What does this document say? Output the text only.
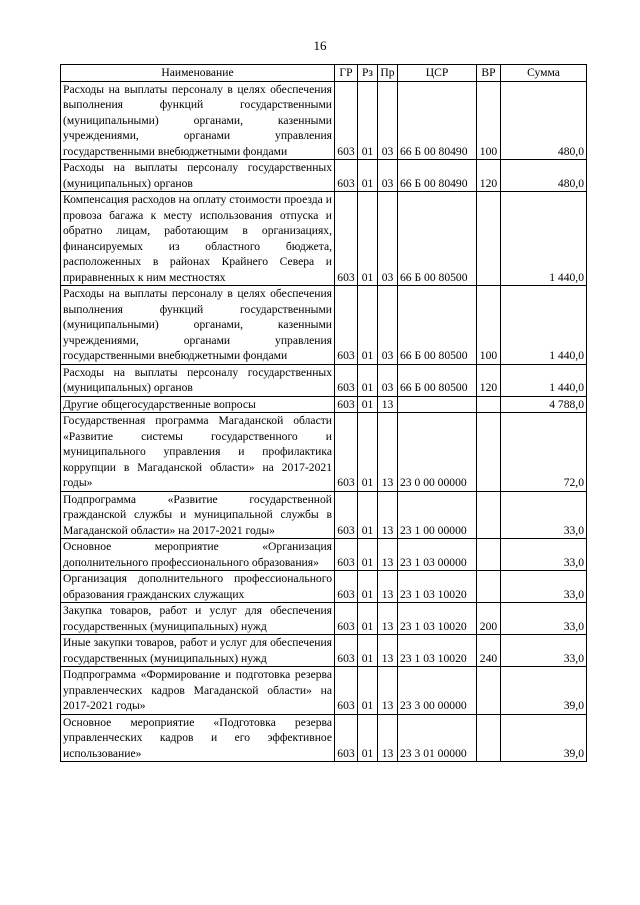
16
Наименование	ГР	Рз	Пр	ЦСР	ВР	Сумма
Расходы на выплаты персоналу в целях обеспечения выполнения функций государственными (муниципальными) органами, казенными учреждениями, органами управления государственными внебюджетными фондами	603	01	03	66 Б 00 80490	100	480,0
Расходы на выплаты персоналу государственных (муниципальных) органов	603	01	03	66 Б 00 80490	120	480,0
Компенсация расходов на оплату стоимости проезда и провоза багажа к месту использования отпуска и обратно лицам, работающим в организациях, финансируемых из областного бюджета, расположенных в районах Крайнего Севера и приравненных к ним местностях	603	01	03	66 Б 00 80500		1 440,0
Расходы на выплаты персоналу в целях обеспечения выполнения функций государственными (муниципальными) органами, казенными учреждениями, органами управления государственными внебюджетными фондами	603	01	03	66 Б 00 80500	100	1 440,0
Расходы на выплаты персоналу государственных (муниципальных) органов	603	01	03	66 Б 00 80500	120	1 440,0
Другие общегосударственные вопросы	603	01	13			4 788,0
Государственная программа Магаданской области «Развитие системы государственного и муниципального управления и профилактика коррупции в Магаданской области» на 2017-2021 годы»	603	01	13	23 0 00 00000		72,0
Подпрограмма «Развитие государственной гражданской службы и муниципальной службы в Магаданской области» на 2017-2021 годы»	603	01	13	23 1 00 00000		33,0
Основное мероприятие «Организация дополнительного профессионального образования»	603	01	13	23 1 03 00000		33,0
Организация дополнительного профессионального образования гражданских служащих	603	01	13	23 1 03 10020		33,0
Закупка товаров, работ и услуг для обеспечения государственных (муниципальных) нужд	603	01	13	23 1 03 10020	200	33,0
Иные закупки товаров, работ и услуг для обеспечения государственных (муниципальных) нужд	603	01	13	23 1 03 10020	240	33,0
Подпрограмма «Формирование и подготовка резерва управленческих кадров Магаданской области» на 2017-2021 годы»	603	01	13	23 3 00 00000		39,0
Основное мероприятие «Подготовка резерва управленческих кадров и его эффективное использование»	603	01	13	23 3 01 00000		39,0
